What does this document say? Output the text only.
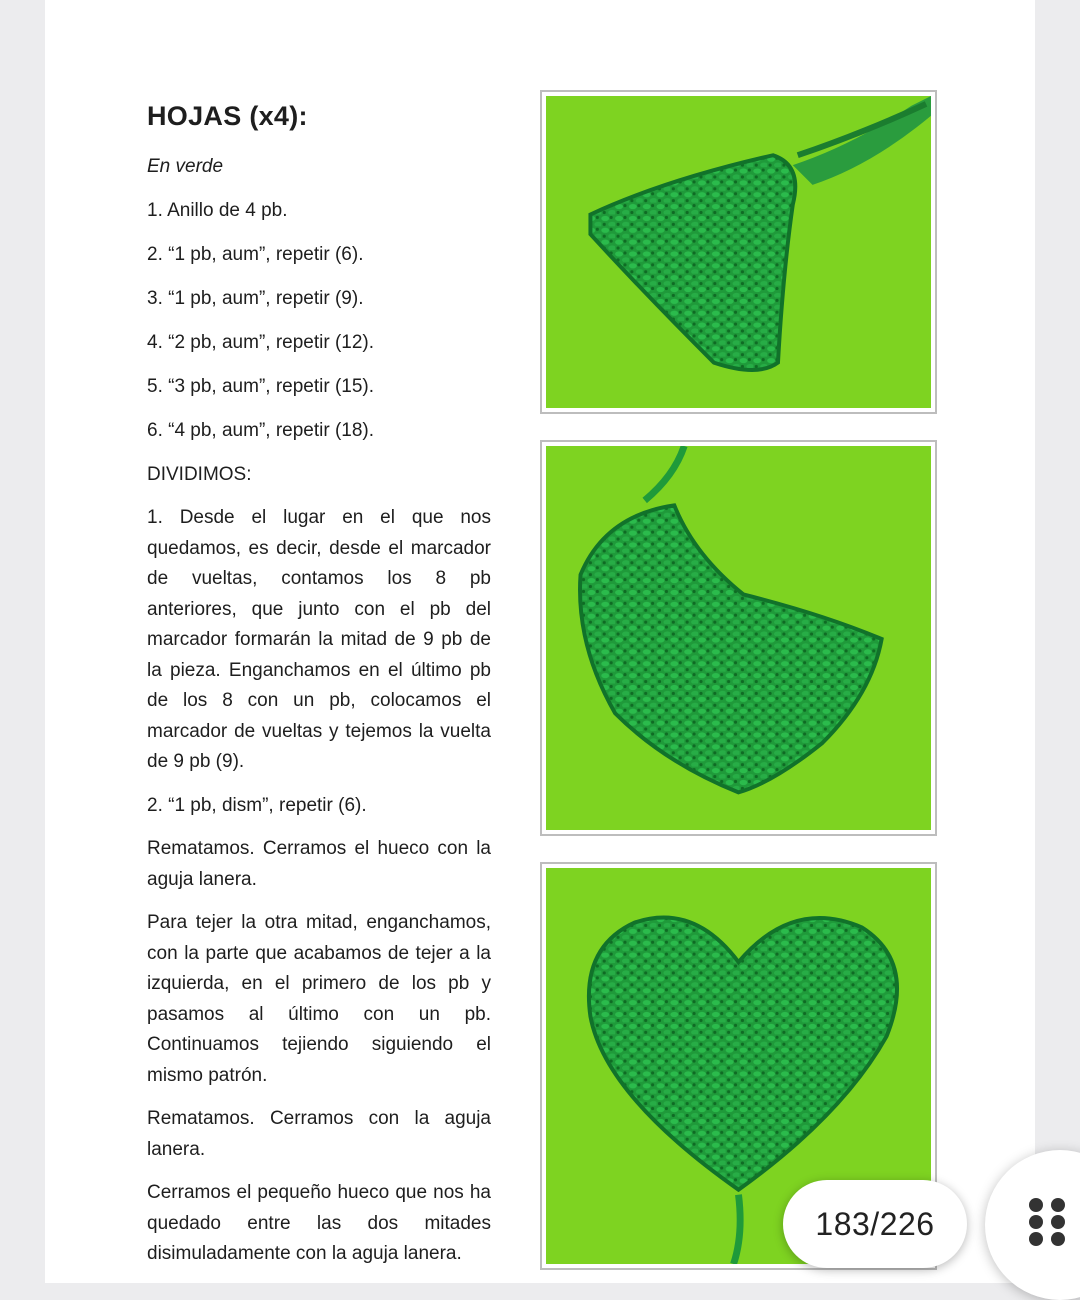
HOJAS (x4):
En verde
1. Anillo de 4 pb.
2. “1 pb, aum”, repetir (6).
3. “1 pb, aum”, repetir (9).
4. “2 pb, aum”, repetir (12).
5. “3 pb, aum”, repetir (15).
6. “4 pb, aum”, repetir (18).
DIVIDIMOS:
1. Desde el lugar en el que nos quedamos, es decir, desde el marcador de vueltas, contamos los 8 pb anteriores, que junto con el pb del marcador formarán la mitad de 9 pb de la pieza. Enganchamos en el último pb de los 8 con un pb, colocamos el marcador de vueltas y tejemos la vuelta de 9 pb (9).
2. “1 pb, dism”, repetir (6).
Rematamos. Cerramos el hueco con la aguja lanera.
Para tejer la otra mitad, enganchamos, con la parte que acabamos de tejer a la izquierda, en el primero de los pb y pasamos al último con un pb. Continuamos tejiendo siguiendo el mismo patrón.
Rematamos. Cerramos con la aguja lanera.
Cerramos el pequeño hueco que nos ha quedado entre las dos mitades disimuladamente con la aguja lanera.
183/226
